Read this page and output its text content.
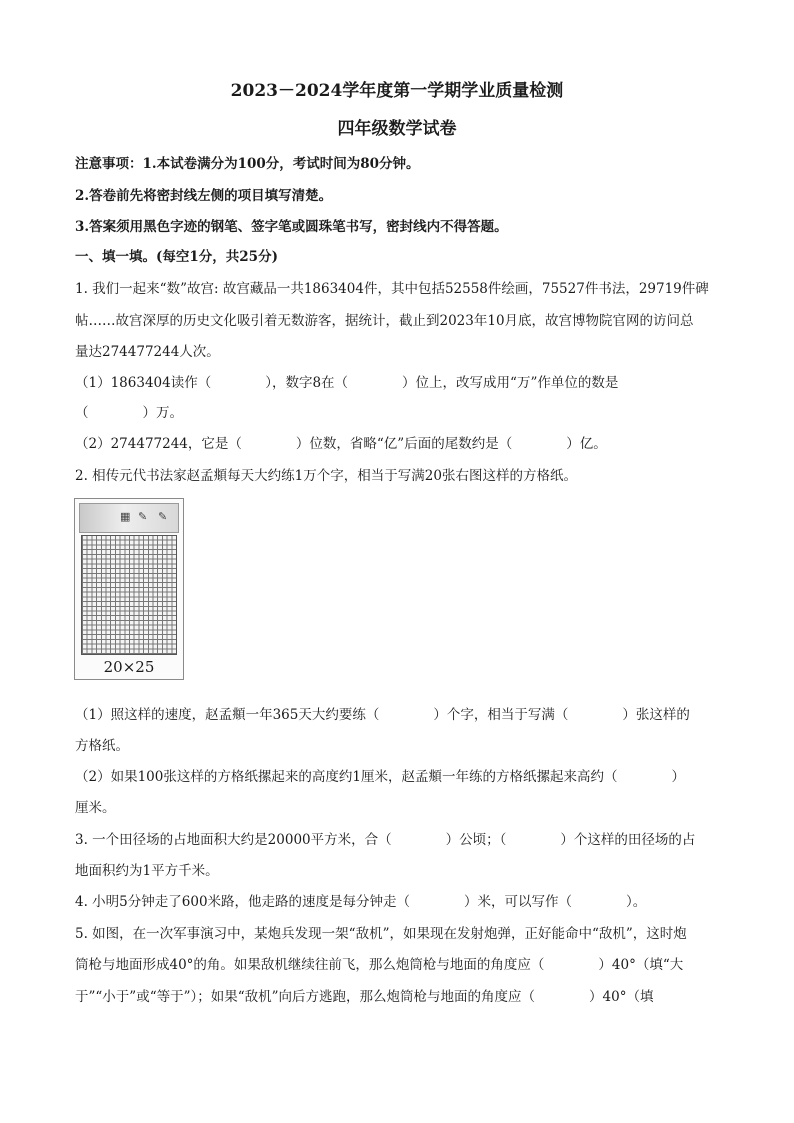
2023－2024学年度第一学期学业质量检测
四年级数学试卷
注意事项：1.本试卷满分为100分，考试时间为80分钟。
2.答卷前先将密封线左侧的项目填写清楚。
3.答案须用黑色字迹的钢笔、签字笔或圆珠笔书写，密封线内不得答题。
一、填一填。(每空1分，共25分)
1. 我们一起来“数”故宫: 故宫藏品一共1863404件，其中包括52558件绘画，75527件书法，29719件碑
帖……故宫深厚的历史文化吸引着无数游客，据统计，截止到2023年10月底，故宫博物院官网的访问总
量达274477244人次。
（1）1863404读作（　　　　），数字8在（　　　　）位上，改写成用“万”作单位的数是
（　　　　）万。
（2）274477244，它是（　　　　）位数，省略“亿”后面的尾数约是（　　　　）亿。
2. 相传元代书法家赵孟頫每天大约练1万个字，相当于写满20张右图这样的方格纸。
▦ ✎ ✎
20×25
（1）照这样的速度，赵孟頫一年365天大约要练（　　　　）个字，相当于写满（　　　　）张这样的
方格纸。
（2）如果100张这样的方格纸摞起来的高度约1厘米，赵孟頫一年练的方格纸摞起来高约（　　　　）
厘米。
3. 一个田径场的占地面积大约是20000平方米，合（　　　　）公顷；（　　　　）个这样的田径场的占
地面积约为1平方千米。
4. 小明5分钟走了600米路，他走路的速度是每分钟走（　　　　）米，可以写作（　　　　）。
5. 如图，在一次军事演习中，某炮兵发现一架“敌机”，如果现在发射炮弹，正好能命中“敌机”，这时炮
筒枪与地面形成40°的角。如果敌机继续往前飞，那么炮筒枪与地面的角度应（　　　　）40°（填“大
于”“小于”或“等于”）；如果“敌机”向后方逃跑，那么炮筒枪与地面的角度应（　　　　）40°（填
